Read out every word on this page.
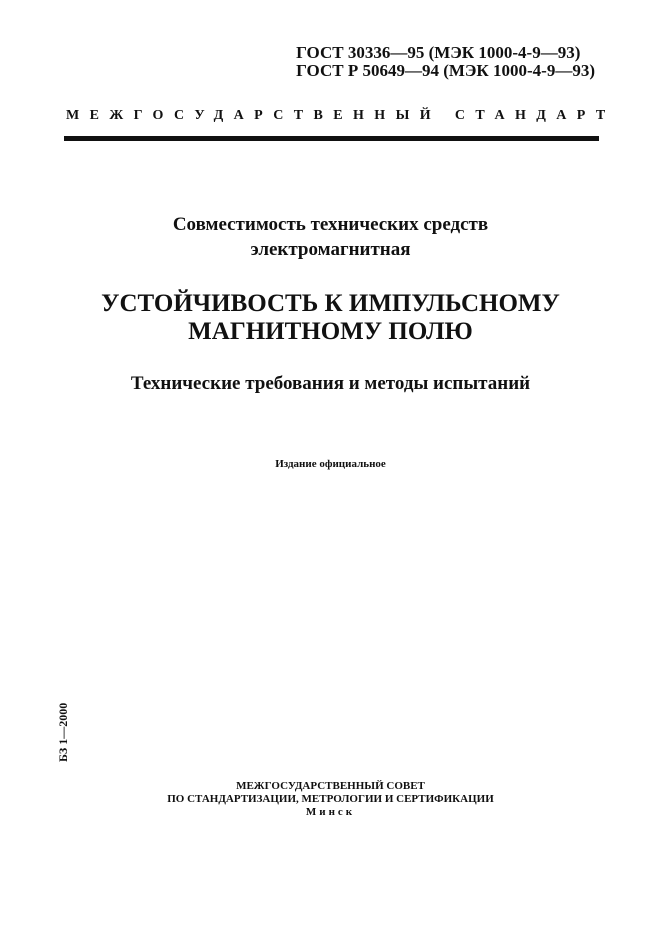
ГОСТ 30336—95 (МЭК 1000-4-9—93)
ГОСТ Р 50649—94 (МЭК 1000-4-9—93)
МЕЖГОСУДАРСТВЕННЫЙ СТАНДАРТ
Совместимость технических средств
электромагнитная
УСТОЙЧИВОСТЬ К ИМПУЛЬСНОМУ
МАГНИТНОМУ ПОЛЮ
Технические требования и методы испытаний
Издание официальное
БЗ 1—2000
МЕЖГОСУДАРСТВЕННЫЙ СОВЕТ
ПО СТАНДАРТИЗАЦИИ, МЕТРОЛОГИИ И СЕРТИФИКАЦИИ
Минск
